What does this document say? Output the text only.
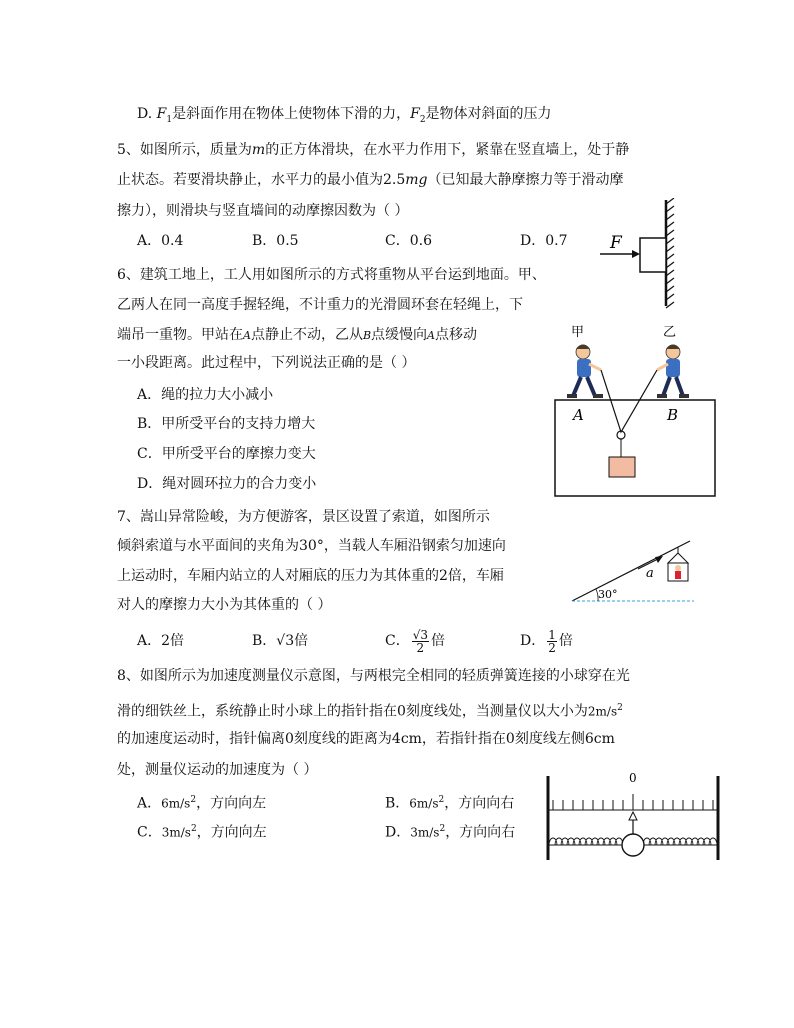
D. $F_1$是斜面作用在物体上使物体下滑的力，$F_2$是物体对斜面的压力
5、如图所示，质量为m的正方体滑块，在水平力作用下，紧靠在竖直墙上，处于静
止状态。若要滑块静止，水平力的最小值为2.5mg（已知最大静摩擦力等于滑动摩
擦力），则滑块与竖直墙间的动摩擦因数为（ ）
A．0.4	B．0.5	C．0.6	D．0.7	F
6、建筑工地上，工人用如图所示的方式将重物从平台运到地面。甲、
乙两人在同一高度手握轻绳，不计重力的光滑圆环套在轻绳上，下
端吊一重物。甲站在A点静止不动，乙从B点缓慢向A点移动
一小段距离。此过程中，下列说法正确的是（ ）
A．绳的拉力大小减小
B．甲所受平台的支持力增大
C．甲所受平台的摩擦力变大
D．绳对圆环拉力的合力变小
甲	乙
A	B
7、嵩山异常险峻，为方便游客，景区设置了索道，如图所示
倾斜索道与水平面间的夹角为30°，当载人车厢沿钢索匀加速向
上运动时，车厢内站立的人对厢底的压力为其体重的2倍，车厢
对人的摩擦力大小为其体重的（ ）
A．2倍	B．√3倍	C． $\frac{√3}{2}$ 倍	D． $\frac{1}{2}$ 倍
30°
a
8、如图所示为加速度测量仪示意图，与两根完全相同的轻质弹簧连接的小球穿在光
滑的细铁丝上，系统静止时小球上的指针指在0刻度线处，当测量仪以大小为$2m/s^2$
的加速度运动时，指针偏离0刻度线的距离为4cm，若指针指在0刻度线左侧6cm
处，测量仪运动的加速度为（ ）
A．$6m/s^2$，方向向左	B．$6m/s^2$，方向向右
C．$3m/s^2$，方向向左	D．$3m/s^2$，方向向右
0
